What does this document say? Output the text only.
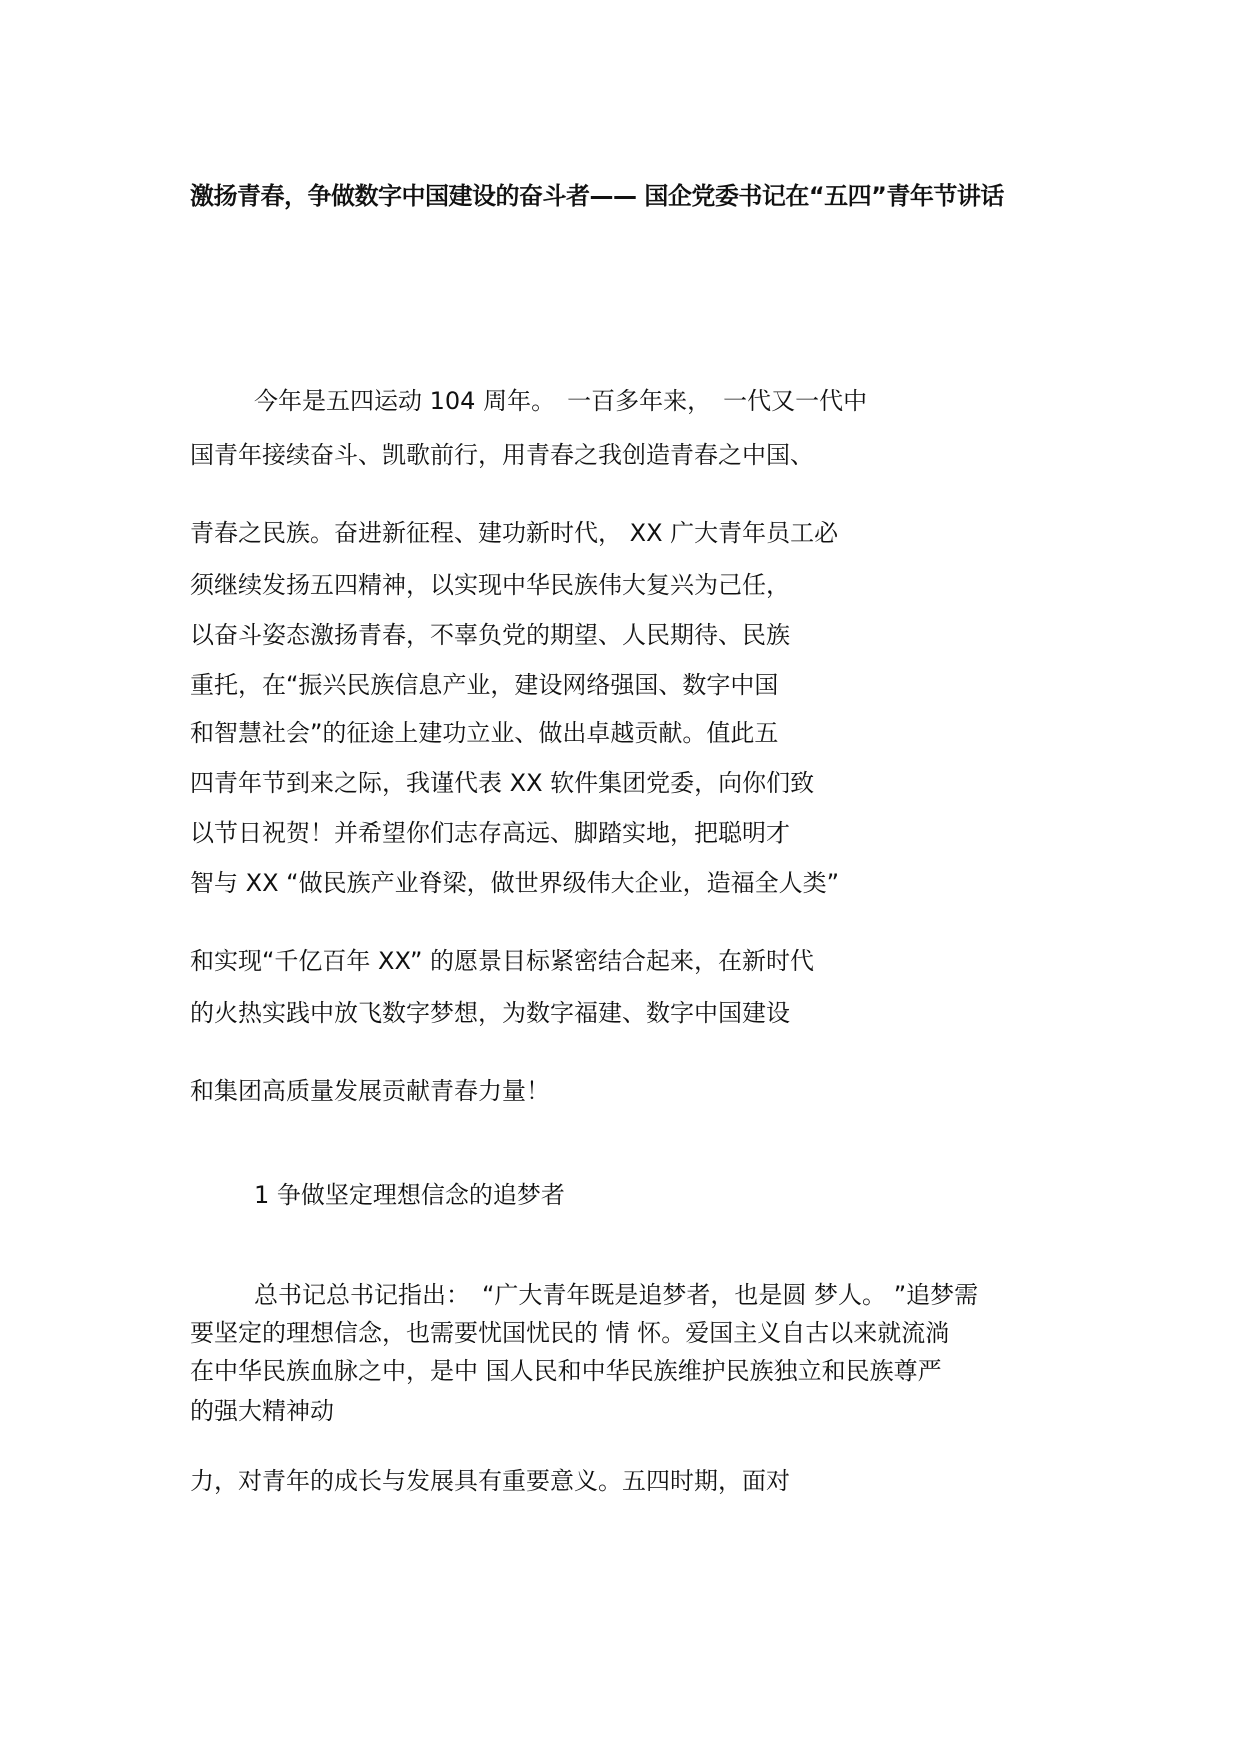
激扬青春，争做数字中国建设的奋斗者—— 国企党委书记在“五四”青年节讲话
今年是五四运动 104 周年。　一百多年来，　一代又一代中
国青年接续奋斗、凯歌前行，用青春之我创造青春之中国、
青春之民族。奋进新征程、建功新时代， XX 广大青年员工必
须继续发扬五四精神，以实现中华民族伟大复兴为己任，
以奋斗姿态激扬青春，不辜负党的期望、人民期待、民族
重托，在“振兴民族信息产业，建设网络强国、数字中国
和智慧社会”的征途上建功立业、做出卓越贡献。值此五
四青年节到来之际，我谨代表 XX 软件集团党委，向你们致
以节日祝贺！并希望你们志存高远、脚踏实地，把聪明才
智与 XX “做民族产业脊梁，做世界级伟大企业，造福全人类”
和实现“千亿百年 XX” 的愿景目标紧密结合起来，在新时代
的火热实践中放飞数字梦想，为数字福建、数字中国建设
和集团高质量发展贡献青春力量！
1 争做坚定理想信念的追梦者
总书记总书记指出：　“广大青年既是追梦者，也是圆 梦人。 ”追梦需
要坚定的理想信念，也需要忧国忧民的 情 怀。爱国主义自古以来就流淌
在中华民族血脉之中，是中 国人民和中华民族维护民族独立和民族尊严
的强大精神动
力，对青年的成长与发展具有重要意义。五四时期，面对
